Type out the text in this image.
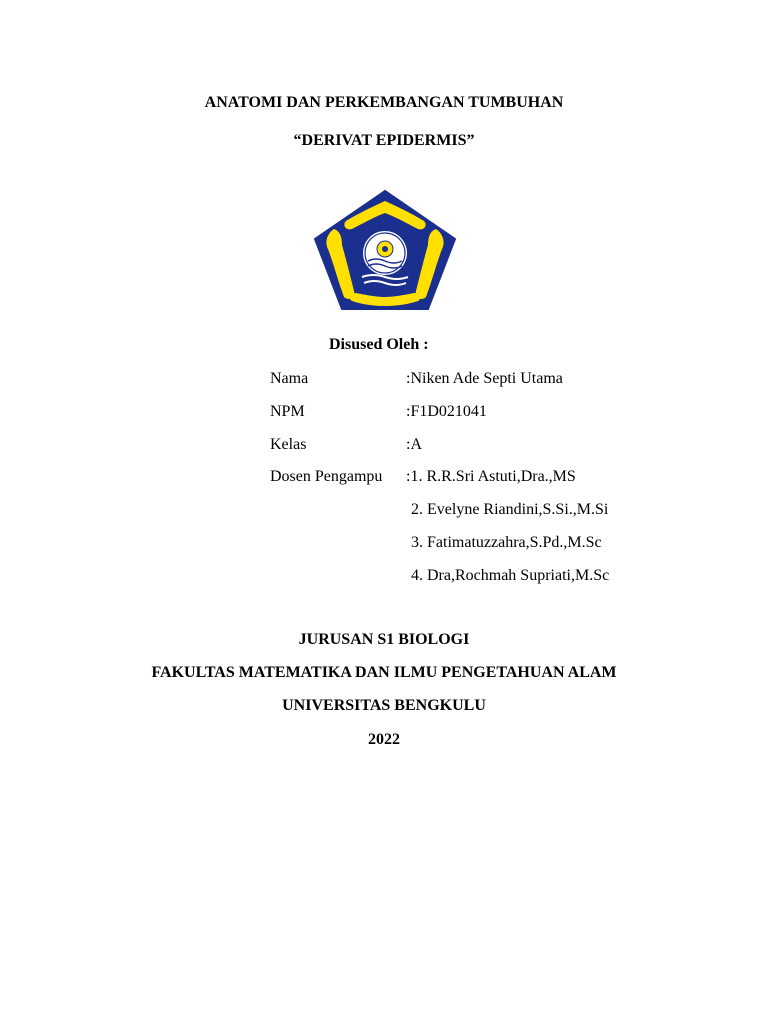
ANATOMI DAN PERKEMBANGAN TUMBUHAN
“DERIVAT EPIDERMIS”
Disused Oleh :
Nama	:Niken Ade Septi Utama
NPM	:F1D021041
Kelas	:A
Dosen Pengampu :1. R.R.Sri Astuti,Dra.,MS
2. Evelyne Riandini,S.Si.,M.Si
3. Fatimatuzzahra,S.Pd.,M.Sc
4. Dra,Rochmah Supriati,M.Sc
JURUSAN S1 BIOLOGI
FAKULTAS MATEMATIKA DAN ILMU PENGETAHUAN ALAM
UNIVERSITAS BENGKULU
2022
